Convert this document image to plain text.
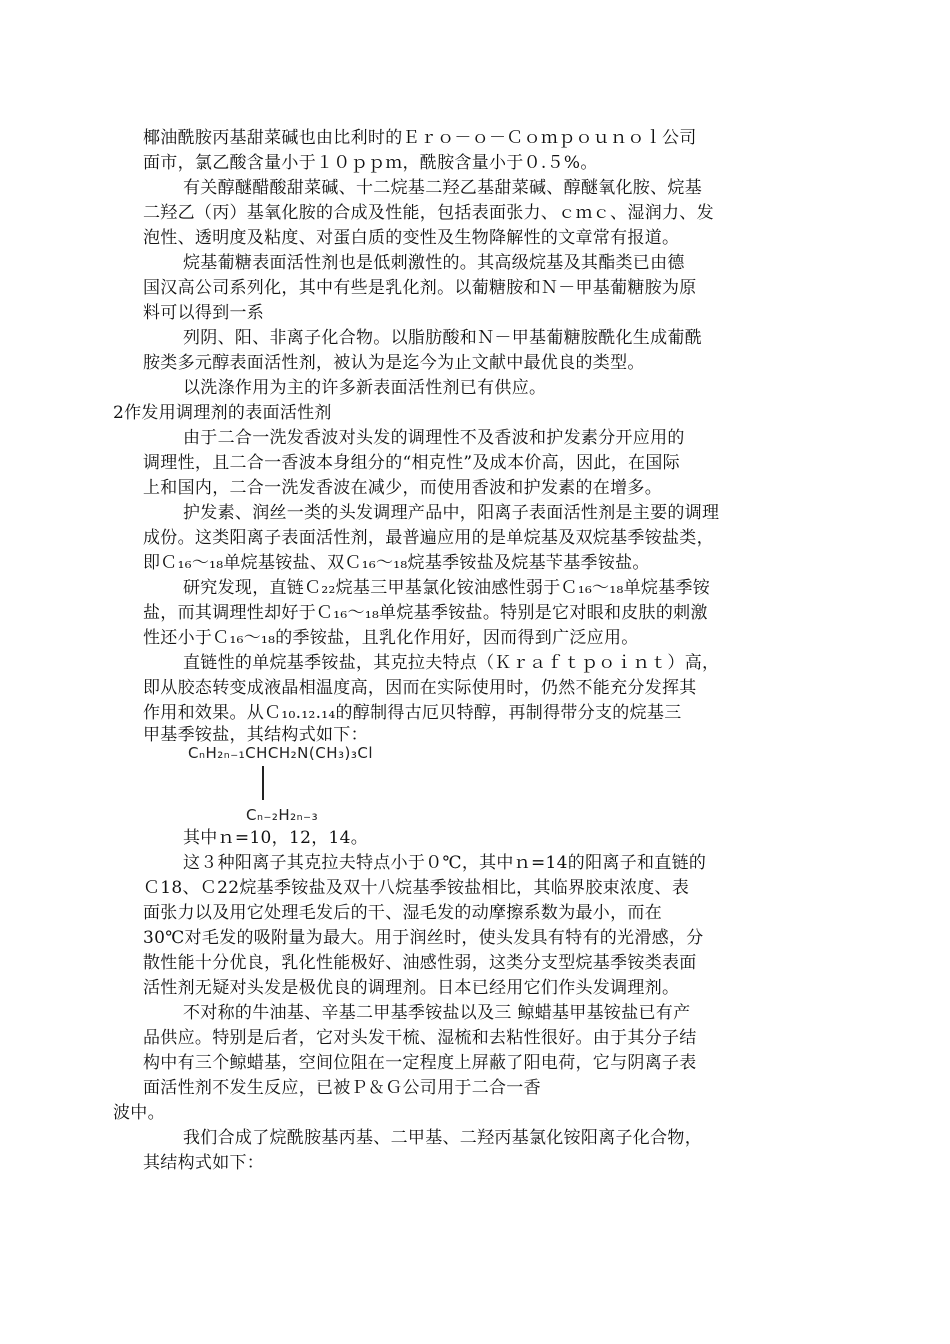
椰油酰胺丙基甜菜碱也由比利时的Ｅｒｏ－ｏ－Ｃｏｍｐｏｕｎｏｌ公司
面市，氯乙酸含量小于１０ｐｐｍ，酰胺含量小于０.５%。
有关醇醚醋酸甜菜碱、十二烷基二羟乙基甜菜碱、醇醚氧化胺、烷基
二羟乙（丙）基氧化胺的合成及性能，包括表面张力、ｃｍｃ、湿润力、发
泡性、透明度及粘度、对蛋白质的变性及生物降解性的文章常有报道。
烷基葡糖表面活性剂也是低刺激性的。其高级烷基及其酯类已由德
国汉高公司系列化，其中有些是乳化剂。以葡糖胺和Ｎ－甲基葡糖胺为原
料可以得到一系
列阴、阳、非离子化合物。以脂肪酸和Ｎ－甲基葡糖胺酰化生成葡酰
胺类多元醇表面活性剂，被认为是迄今为止文献中最优良的类型。
以洗涤作用为主的许多新表面活性剂已有供应。
2作发用调理剂的表面活性剂
由于二合一洗发香波对头发的调理性不及香波和护发素分开应用的
调理性，且二合一香波本身组分的“相克性”及成本价高，因此，在国际
上和国内，二合一洗发香波在减少，而使用香波和护发素的在增多。
护发素、润丝一类的头发调理产品中，阳离子表面活性剂是主要的调理
成份。这类阳离子表面活性剂，最普遍应用的是单烷基及双烷基季铵盐类，
即Ｃ₁₆～₁₈单烷基铵盐、双Ｃ₁₆～₁₈烷基季铵盐及烷基苄基季铵盐。
研究发现，直链Ｃ₂₂烷基三甲基氯化铵油感性弱于Ｃ₁₆～₁₈单烷基季铵
盐，而其调理性却好于Ｃ₁₆～₁₈单烷基季铵盐。特别是它对眼和皮肤的刺激
性还小于Ｃ₁₆～₁₈的季铵盐，且乳化作用好，因而得到广泛应用。
直链性的单烷基季铵盐，其克拉夫特点（Ｋｒａｆｔｐｏｉｎｔ）高，
即从胶态转变成液晶相温度高，因而在实际使用时，仍然不能充分发挥其
作用和效果。从Ｃ₁₀.₁₂.₁₄的醇制得古厄贝特醇，再制得带分支的烷基三
甲基季铵盐，其结构式如下：
CₙH₂ₙ₋₁CHCH₂N(CH₃)₃Cl
Cₙ₋₂H₂ₙ₋₃
其中ｎ=10，12，14。
这３种阳离子其克拉夫特点小于０℃，其中ｎ=14的阳离子和直链的
Ｃ18、Ｃ22烷基季铵盐及双十八烷基季铵盐相比，其临界胶束浓度、表
面张力以及用它处理毛发后的干、湿毛发的动摩擦系数为最小，而在
30℃对毛发的吸附量为最大。用于润丝时，使头发具有特有的光滑感，分
散性能十分优良，乳化性能极好、油感性弱，这类分支型烷基季铵类表面
活性剂无疑对头发是极优良的调理剂。日本已经用它们作头发调理剂。
不对称的牛油基、辛基二甲基季铵盐以及三 鲸蜡基甲基铵盐已有产
品供应。特别是后者，它对头发干梳、湿梳和去粘性很好。由于其分子结
构中有三个鲸蜡基，空间位阻在一定程度上屏蔽了阳电荷，它与阴离子表
面活性剂不发生反应，已被Ｐ＆Ｇ公司用于二合一香
波中。
我们合成了烷酰胺基丙基、二甲基、二羟丙基氯化铵阳离子化合物，
其结构式如下：
